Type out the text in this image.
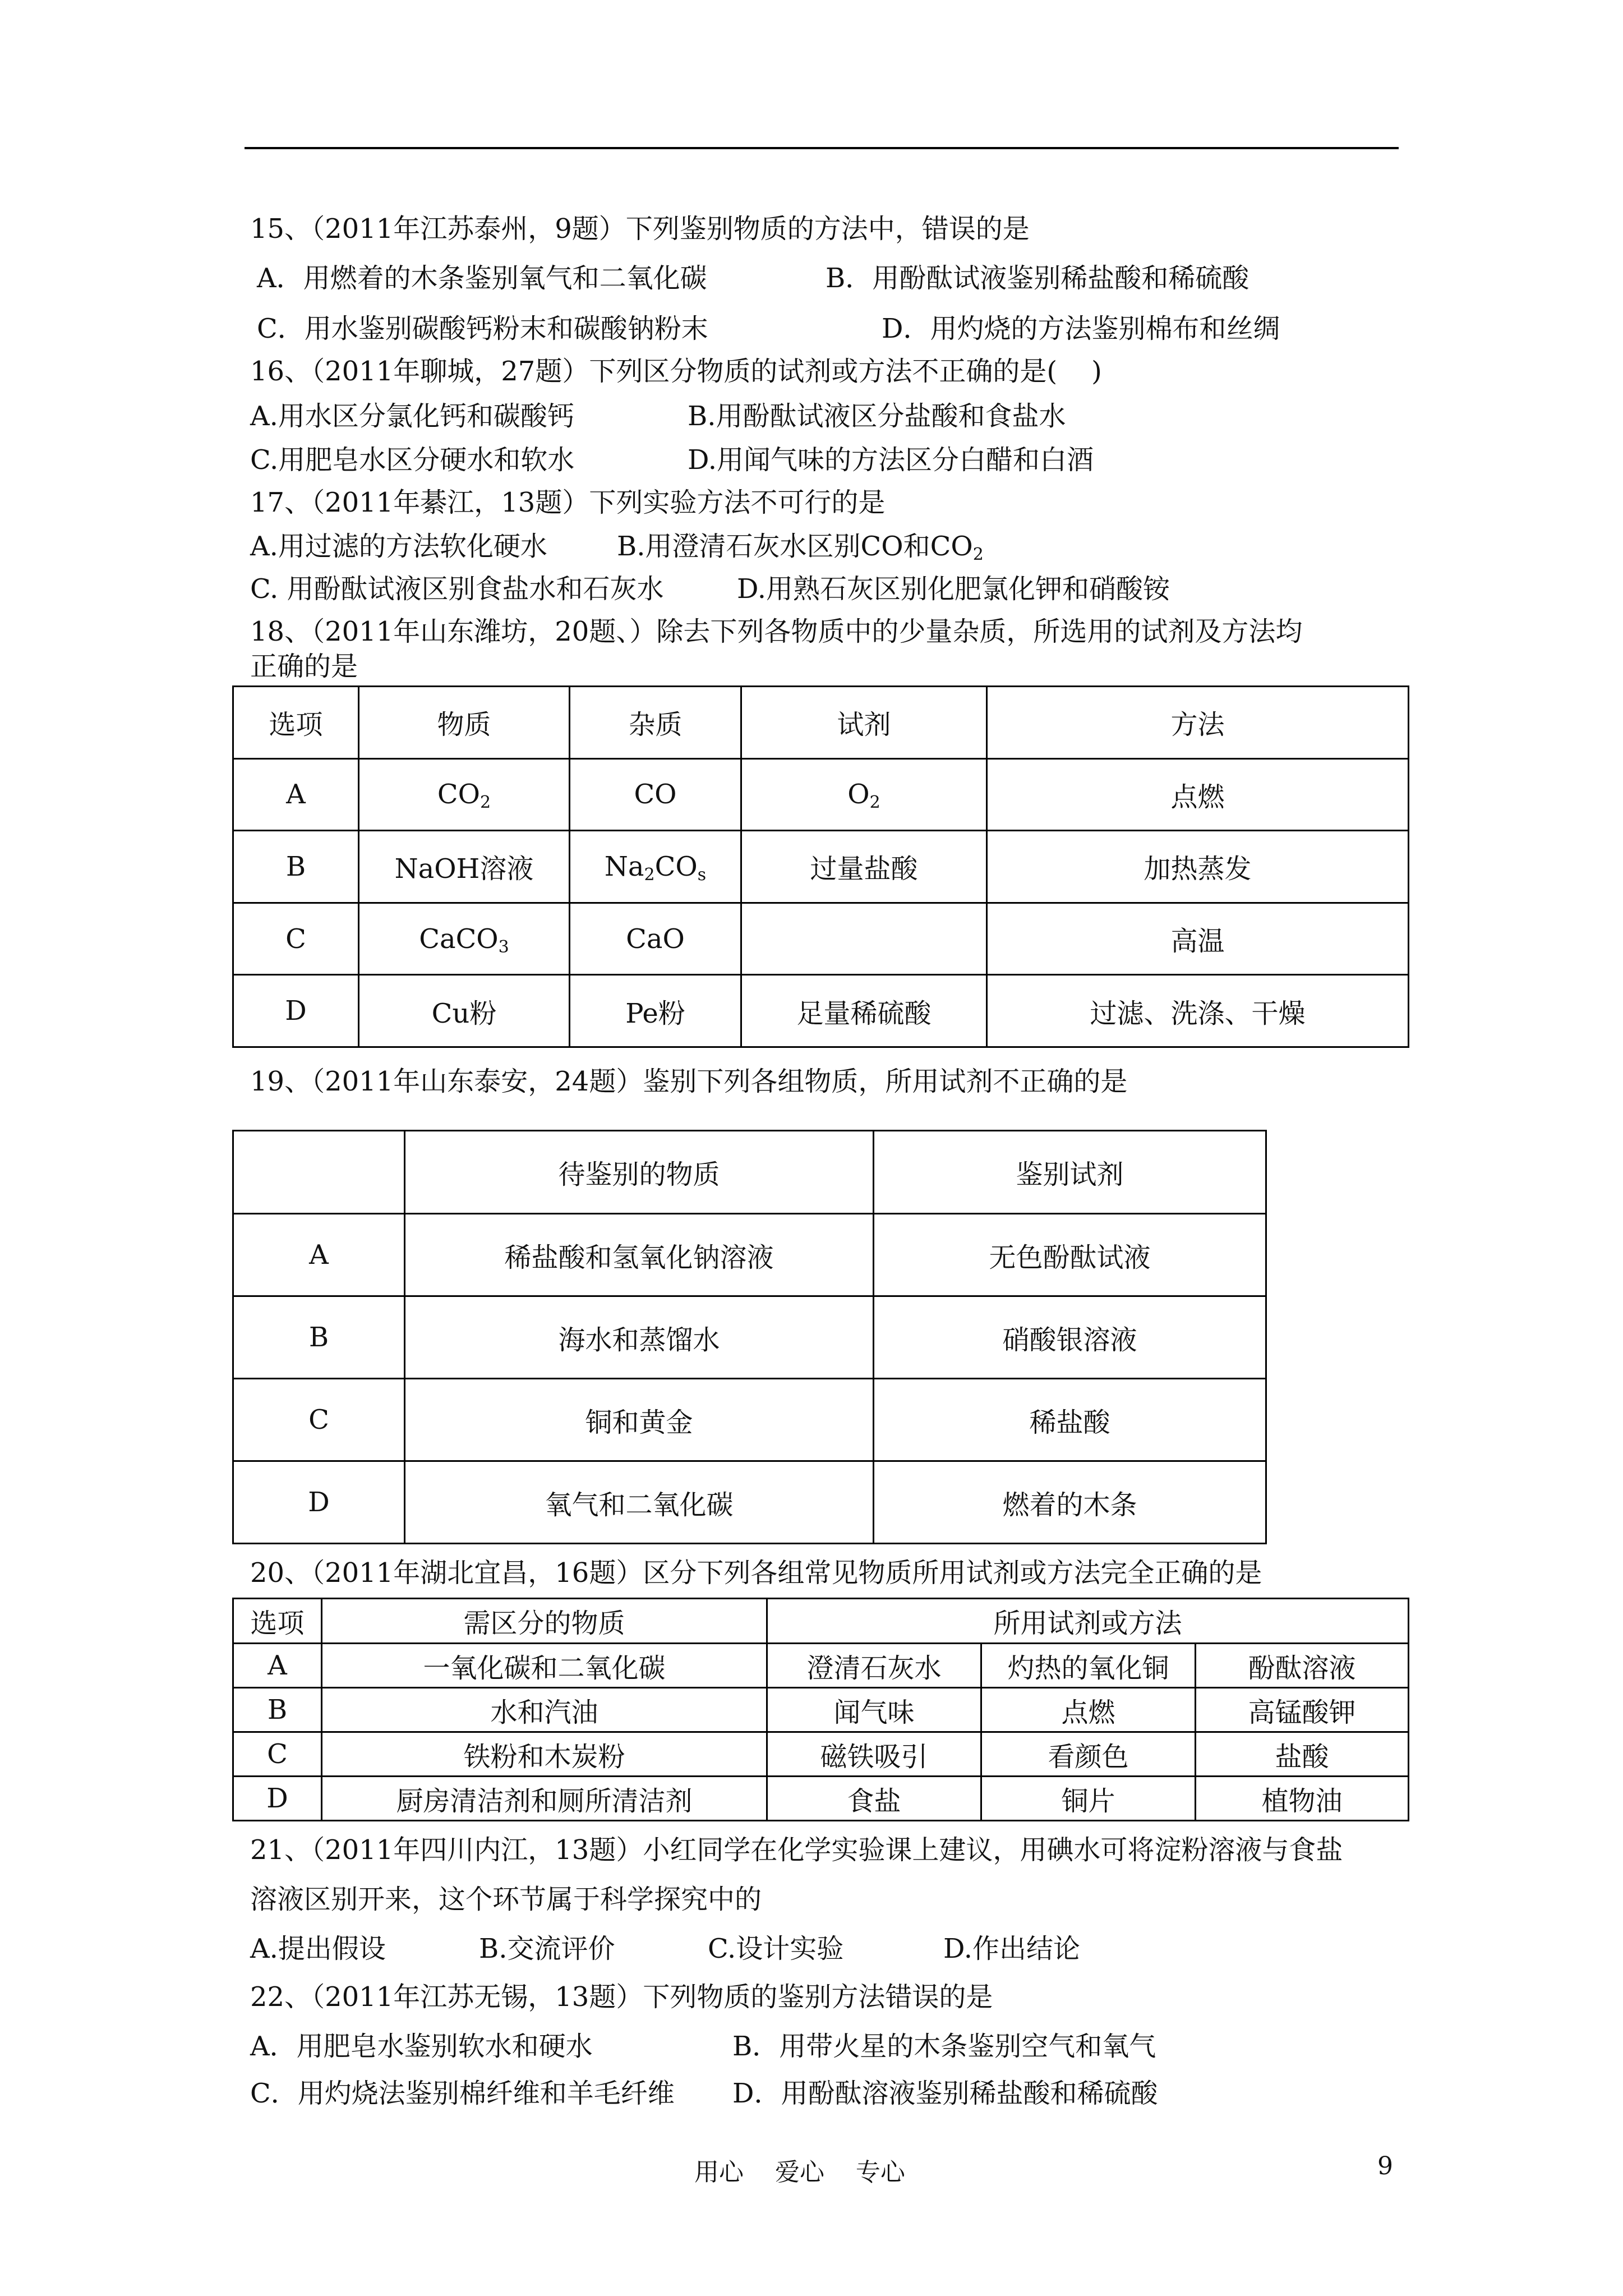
15、（2011年江苏泰州，9题）下列鉴别物质的方法中，错误的是

A．用燃着的木条鉴别氧气和二氧化碳

	B．用酚酞试液鉴别稀盐酸和稀硫酸

C．用水鉴别碳酸钙粉末和碳酸钠粉末

	D．用灼烧的方法鉴别棉布和丝绸

16、（2011年聊城，27题）下列区分物质的试剂或方法不正确的是(    )

A.用水区分氯化钙和碳酸钙

	B.用酚酞试液区分盐酸和食盐水

C.用肥皂水区分硬水和软水

	D.用闻气味的方法区分白醋和白酒

17、（2011年綦江，13题）下列实验方法不可行的是

A.用过滤的方法软化硬水

	B.用澄清石灰水区别CO和$CO_2$

C. 用酚酞试液区别食盐水和石灰水

	D.用熟石灰区别化肥氯化钾和硝酸铵

18、（2011年山东潍坊，20题、）除去下列各物质中的少量杂质，所选用的试剂及方法均
正确的是
选项	物质	杂质	试剂	方法
A	$CO_2$	CO	$O_2$	点燃
B	NaOH溶液	$Na_2CO_s$	过量盐酸	加热蒸发
C	CaCO$_3$	CaO		高温
D	Cu粉	Pe粉	足量稀硫酸	过滤、洗涤、干燥
19、（2011年山东泰安，24题）鉴别下列各组物质，所用试剂不正确的是
	待鉴别的物质	鉴别试剂
A	稀盐酸和氢氧化钠溶液	无色酚酞试液
B	海水和蒸馏水	硝酸银溶液
C	铜和黄金	稀盐酸
D	氧气和二氧化碳	燃着的木条
20、（2011年湖北宜昌，16题）区分下列各组常见物质所用试剂或方法完全正确的是
选项	需区分的物质	所用试剂或方法		
A	一氧化碳和二氧化碳	澄清石灰水	灼热的氧化铜	酚酞溶液
B	水和汽油	闻气味	点燃	高锰酸钾
C	铁粉和木炭粉	磁铁吸引	看颜色	盐酸
D	厨房清洁剂和厕所清洁剂	食盐	铜片	植物油
21、（2011年四川内江，13题）小红同学在化学实验课上建议，用碘水可将淀粉溶液与食盐
溶液区别开来，这个环节属于科学探究中的

A.提出假设

	B.交流评价

	C.设计实验

	D.作出结论

22、（2011年江苏无锡，13题）下列物质的鉴别方法错误的是

A．用肥皂水鉴别软水和硬水

	B．用带火星的木条鉴别空气和氧气

C．用灼烧法鉴别棉纤维和羊毛纤维

D．用酚酞溶液鉴别稀盐酸和稀硫酸

用心    爱心    专心	9
